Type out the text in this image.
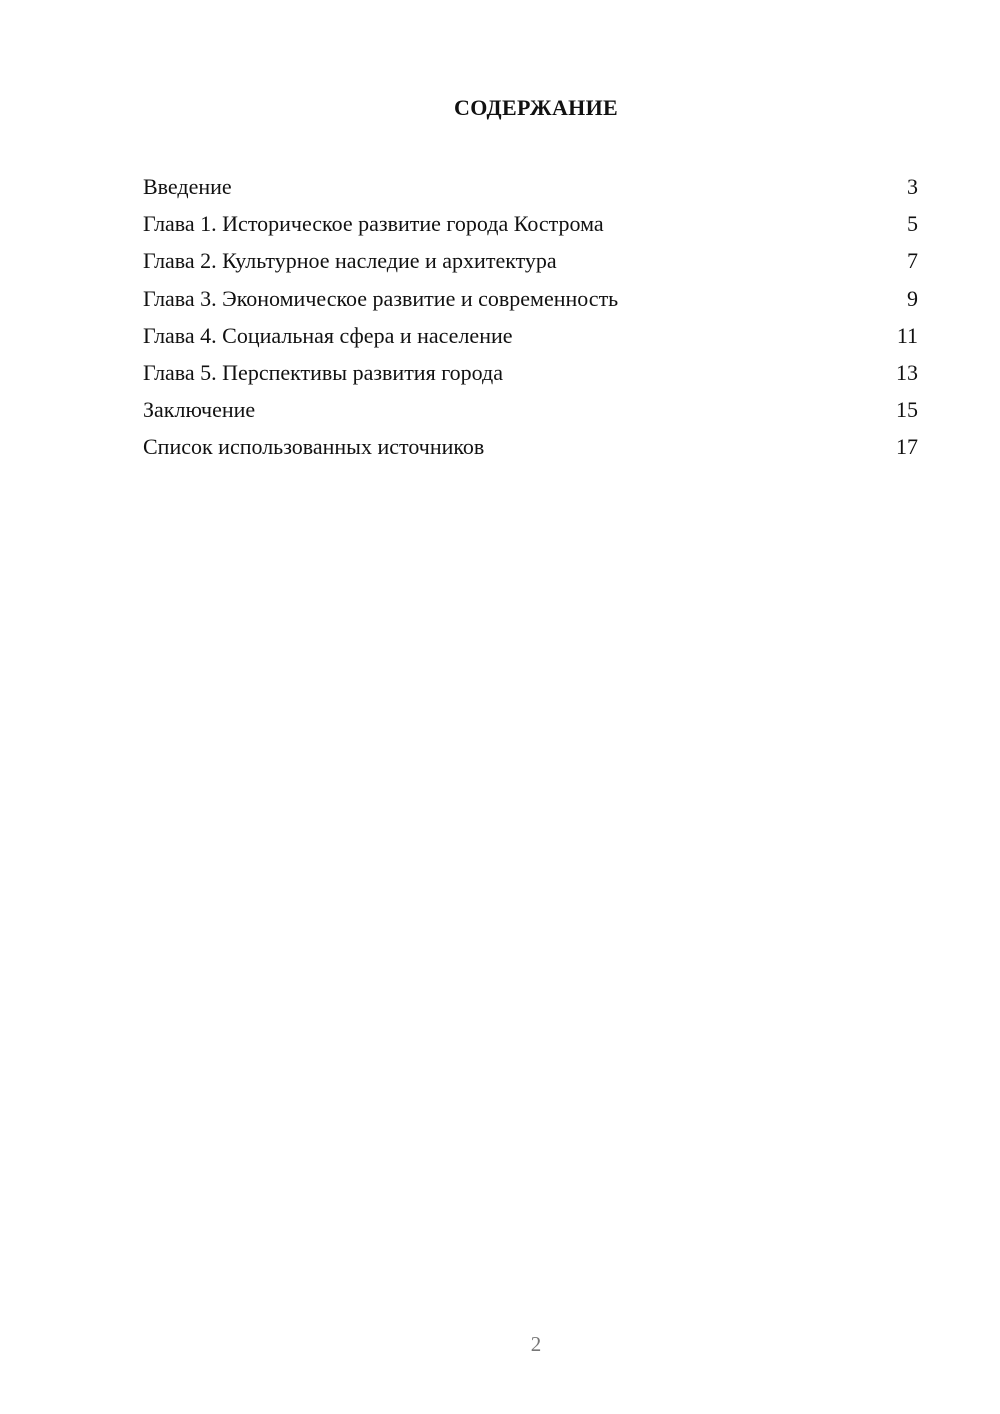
СОДЕРЖАНИЕ
Введение	3
Глава 1. Историческое развитие города Кострома	5
Глава 2. Культурное наследие и архитектура	7
Глава 3. Экономическое развитие и современность	9
Глава 4. Социальная сфера и население	11
Глава 5. Перспективы развития города	13
Заключение	15
Список использованных источников	17
2
